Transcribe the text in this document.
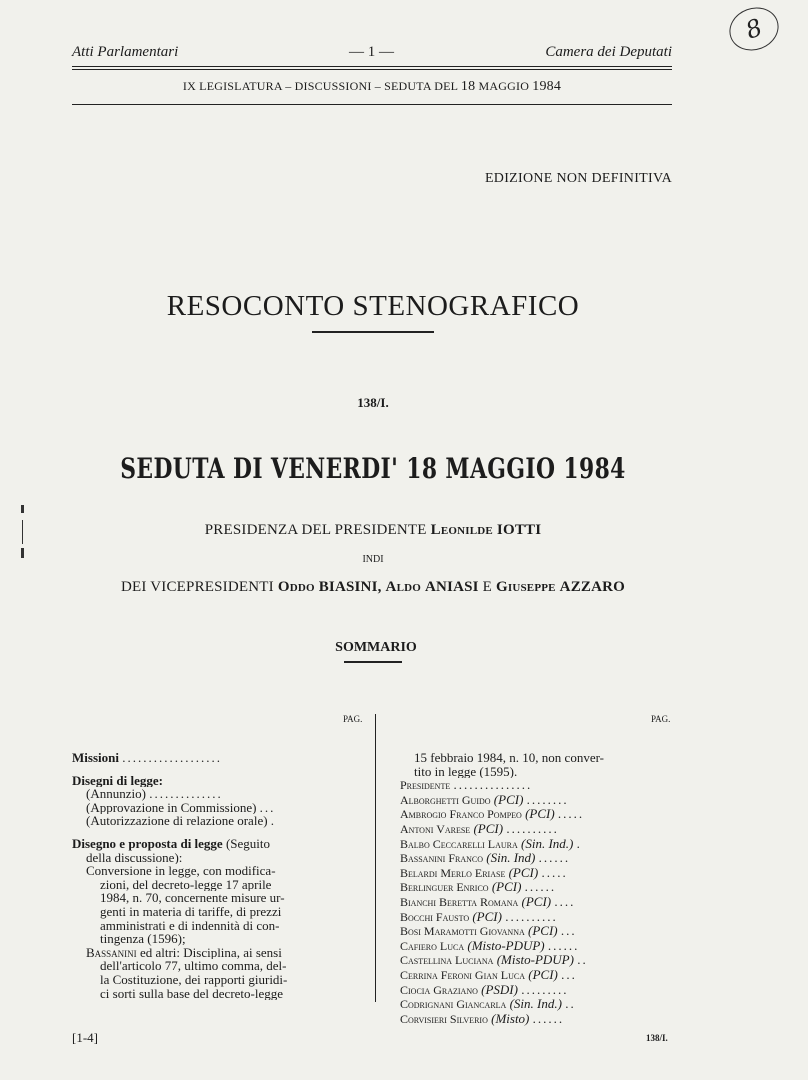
8
Atti Parlamentari	— 1 —	Camera dei Deputati
IX LEGISLATURA – DISCUSSIONI – SEDUTA DEL 18 MAGGIO 1984
EDIZIONE NON DEFINITIVA
RESOCONTO STENOGRAFICO
138/I.
SEDUTA DI VENERDI' 18 MAGGIO 1984
PRESIDENZA DEL PRESIDENTE Leonilde IOTTI
INDI
DEI VICEPRESIDENTI Oddo BIASINI, Aldo ANIASI E Giuseppe AZZARO
SOMMARIO
PAG.	PAG.
Missioni ...................
Disegni di legge:
(Annunzio) ..............
(Approvazione in Commissione) ...
(Autorizzazione di relazione orale) .
Disegno e proposta di legge (Seguito
della discussione):
Conversione in legge, con modifica-
zioni, del decreto-legge 17 aprile
1984, n. 70, concernente misure ur-
genti in materia di tariffe, di prezzi
amministrati e di indennità di con-
tingenza (1596);
Bassanini ed altri: Disciplina, ai sensi
dell'articolo 77, ultimo comma, del-
la Costituzione, dei rapporti giuridi-
ci sorti sulla base del decreto-legge
15 febbraio 1984, n. 10, non conver-
tito in legge (1595).
Presidente ...............
Alborghetti Guido (PCI) ........
Ambrogio Franco Pompeo (PCI) .....
Antoni Varese (PCI) ..........
Balbo Ceccarelli Laura (Sin. Ind.) .
Bassanini Franco (Sin. Ind) ......
Belardi Merlo Eriase (PCI) .....
Berlinguer Enrico (PCI) ......
Bianchi Beretta Romana (PCI) ....
Bocchi Fausto (PCI) ..........
Bosi Maramotti Giovanna (PCI) ...
Cafiero Luca (Misto-PDUP) ......
Castellina Luciana (Misto-PDUP) ..
Cerrina Feroni Gian Luca (PCI) ...
Ciocia Graziano (PSDI) .........
Codrignani Giancarla (Sin. Ind.) ..
Corvisieri Silverio (Misto) ......
[1-4]	138/I.
